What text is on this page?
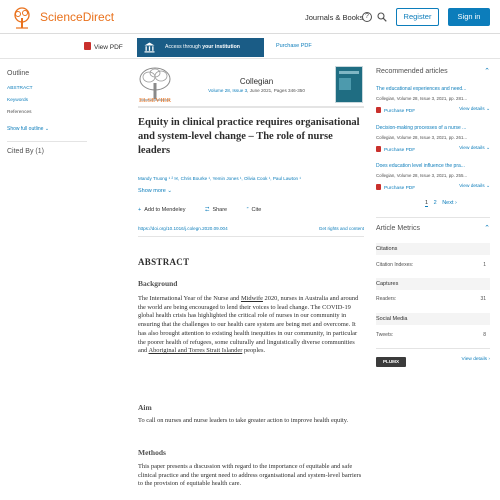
ScienceDirect	Journals & Books ?	Register	Sign in
View PDF	Access through your institution	Purchase PDF
Outline
ABSTRACT
Keywords
References
Show full outline ⌄
Cited By (1)
ELSEVIER
Collegian
Volume 28, Issue 3, June 2021, Pages 346-350
Equity in clinical practice requires organisational and system-level change – The role of nurse leaders
Mandy Truong ¹ ² ✉, Chris Bourke ¹, Yemin Jones ¹, Olivia Cook ¹, Paul Lawton ¹
Show more ⌄
+ Add to Mendeley	⮂ Share	” Cite
https://doi.org/10.1016/j.colegn.2020.09.004	Get rights and content
ABSTRACT
Background

The International Year of the Nurse and Midwife 2020, nurses in Australia and around the world are being encouraged to lend their voices to lead change. The COVID-19 global health crisis has highlighted the critical role of nurses in our community in ensuring that the challenges to our health care system are being met and overcome. It has also brought attention to existing health inequities in our community, in particular the poorer health of refugees, some culturally and linguistically diverse communities and Aboriginal and Torres Strait Islander peoples.

Aim

To call on nurses and nurse leaders to take greater action to improve health equity.

Methods

This paper presents a discussion with regard to the importance of equitable and safe clinical practice and the urgent need to address organisational and system-level barriers to the provision of equitable health care.

Recommended articles	⌃
The educational experiences and need...
Collegian, Volume 28, Issue 3, 2021, pp. 281...
Purchase PDF	View details ⌄
Decision-making processes of a nurse ...
Collegian, Volume 28, Issue 3, 2021, pp. 261...
Purchase PDF	View details ⌄
Does education level influence the pra...
Collegian, Volume 28, Issue 3, 2021, pp. 255...
Purchase PDF	View details ⌄
1 2 Next ›
Article Metrics	⌃
Citations
Citation Indexes:	1
Captures
Readers:	31
Social Media
Tweets:	8
PLUMX	View details ›
